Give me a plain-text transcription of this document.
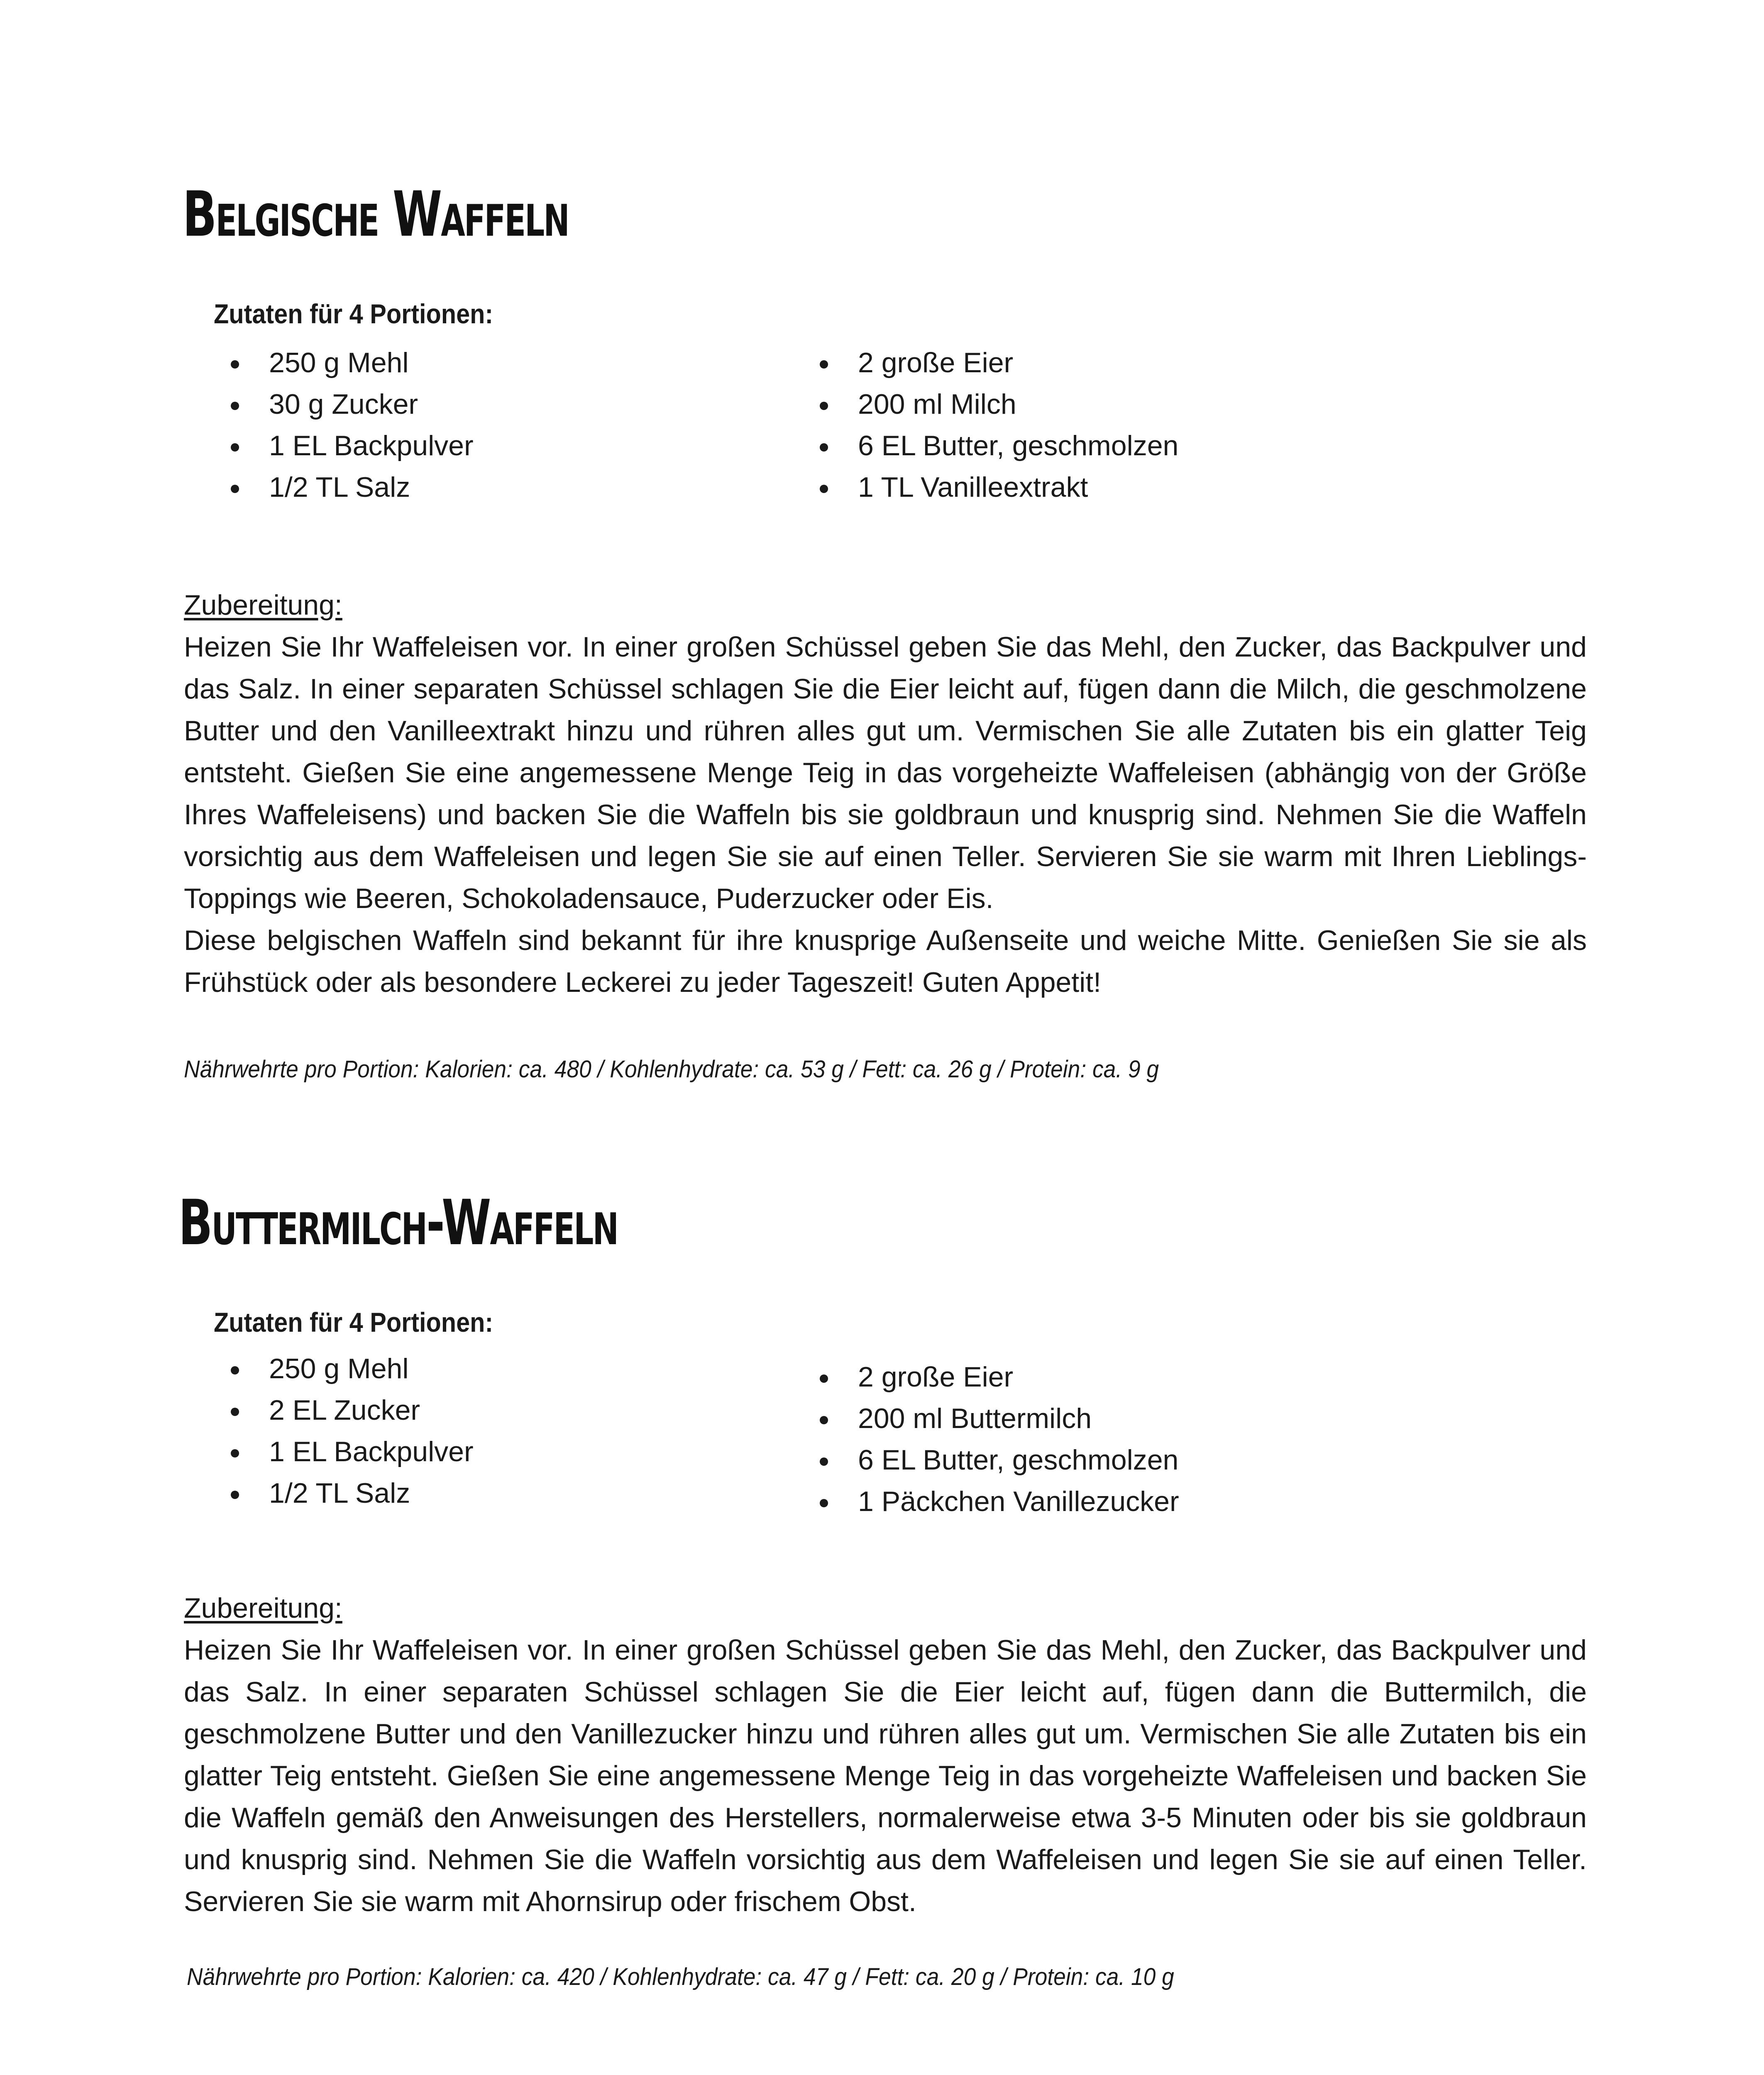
Belgische Waffeln
Zutaten für 4 Portionen:
250 g Mehl
30 g Zucker
1 EL Backpulver
1/2 TL Salz
2 große Eier
200 ml Milch
6 EL Butter, geschmolzen
1 TL Vanilleextrakt
Zubereitung:

Heizen Sie Ihr Waffeleisen vor. In einer großen Schüssel geben Sie das Mehl, den Zucker, das Backpulver und das Salz. In einer separaten Schüssel schlagen Sie die Eier leicht auf, fügen dann die Milch, die geschmolzene Butter und den Vanilleextrakt hinzu und rühren alles gut um. Vermischen Sie alle Zutaten bis ein glatter Teig entsteht. Gießen Sie eine angemessene Menge Teig in das vorgeheizte Waffeleisen (abhängig von der Größe Ihres Waffeleisens) und backen Sie die Waffeln bis sie goldbraun und knusprig sind. Nehmen Sie die Waffeln vorsichtig aus dem Waffeleisen und legen Sie sie auf einen Teller. Servieren Sie sie warm mit Ihren Lieblings-Toppings wie Beeren, Schokoladensauce, Puderzucker oder Eis.

Diese belgischen Waffeln sind bekannt für ihre knusprige Außenseite und weiche Mitte. Genießen Sie sie als Frühstück oder als besondere Leckerei zu jeder Tageszeit! Guten Appetit!

Nährwehrte pro Portion: Kalorien: ca. 480 / Kohlenhydrate: ca. 53 g / Fett: ca. 26 g / Protein: ca. 9 g

Buttermilch-Waffeln
Zutaten für 4 Portionen:
250 g Mehl
2 EL Zucker
1 EL Backpulver
1/2 TL Salz
2 große Eier
200 ml Buttermilch
6 EL Butter, geschmolzen
1 Päckchen Vanillezucker
Zubereitung:

Heizen Sie Ihr Waffeleisen vor. In einer großen Schüssel geben Sie das Mehl, den Zucker, das Backpulver und das Salz. In einer separaten Schüssel schlagen Sie die Eier leicht auf, fügen dann die Buttermilch, die geschmolzene Butter und den Vanillezucker hinzu und rühren alles gut um. Vermischen Sie alle Zutaten bis ein glatter Teig entsteht. Gießen Sie eine angemessene Menge Teig in das vorgeheizte Waffeleisen und backen Sie die Waffeln gemäß den Anweisungen des Herstellers, normalerweise etwa 3-5 Minuten oder bis sie goldbraun und knusprig sind. Nehmen Sie die Waffeln vorsichtig aus dem Waffeleisen und legen Sie sie auf einen Teller. Servieren Sie sie warm mit Ahornsirup oder frischem Obst.

Nährwehrte pro Portion: Kalorien: ca. 420 / Kohlenhydrate: ca. 47 g / Fett: ca. 20 g / Protein: ca. 10 g
